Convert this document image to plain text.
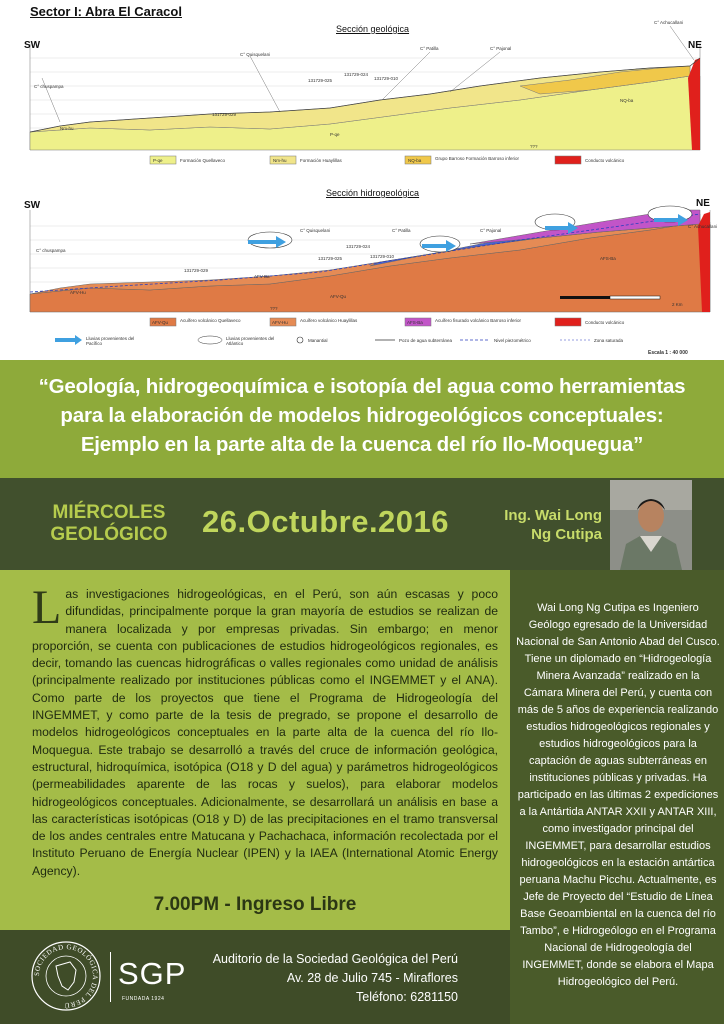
Sector I: Abra El Caracol
Sección geológica
SW	NE
C° chuspampa
C° Quisquelani
C° Patilla	C° Pajonal
C° Achucallani
131729-029
131729-025
131729-024
131729-010
Nm-hu
P-qe
NQ-ba
???
Formación Quellaveco	Formación Huaylillas	Grupo Barroso Formación Barroso inferior	Conducto volcánico
P-qe	Nm-hu	NQ-ba
Sección hidrogeológica
SW	NE
C° chuspampa
C° Quisquelani	C° Patilla	C° Pajonal
C° Achucallani
131729-029
131729-025
131729-024
131729-010
AFV-Hu
AFV-Qu
AFV-Ba
AFS-Ba
???
2 Km
Acuífero volcánico Quellaveco	Acuífero volcánico Huaylillas	Acuífero fisurado volcánico Barroso inferior	Conducto volcánico
AFV-Qu	AFV-Hu	AFS-Ba
Lluvias provenientes del Pacífico
Lluvias provenientes del Atlántico
Manantial	Pozo de agua subterránea	Nivel piezométrico	Zona saturada
Escala 1 : 40 000
“Geología, hidrogeoquímica e isotopía del agua como herramientas para la elaboración de modelos hidrogeológicos conceptuales: Ejemplo en la parte alta de la cuenca del río Ilo-Moquegua”
MIÉRCOLES
GEOLÓGICO	26.Octubre.2016	Ing. Wai Long
Ng Cutipa
Las investigaciones hidrogeológicas, en el Perú, son aún escasas y poco difundidas, principalmente porque la gran mayoría de estudios se realizan de manera localizada y por empresas privadas. Sin embargo; en menor proporción, se cuenta con publicaciones de estudios hidrogeológicos regionales, es decir, tomando las cuencas hidrográficas o valles regionales como unidad de análisis (principalmente realizado por instituciones públicas como el INGEMMET y el ANA). Como parte de los proyectos que tiene el Programa de Hidrogeología del INGEMMET, y como parte de la tesis de pregrado, se propone el desarrollo de modelos hidrogeológicos conceptuales en la parte alta de la cuenca del río Ilo-Moquegua. Este trabajo se desarrolló a través del cruce de información geológica, estructural, hidroquímica, isotópica (O18 y D del agua) y parámetros hidrogeológicos (permeabilidades aparente de las rocas y suelos), para elaborar modelos hidrogeológicos conceptuales. Adicionalmente, se desarrollará un análisis en base a las características isotópicas (O18 y D) de las precipitaciones en el tramo transversal de los andes centrales entre Matucana y Pachachaca, información recolectada por el Instituto Peruano de Energía Nuclear (IPEN) y la IAEA (International Atomic Energy Agency).
7.00PM - Ingreso Libre
SOCIEDAD GEOLÓGICA DEL PERÚ
SGP
FUNDADA 1924
Auditorio de la Sociedad Geológica del Perú
Av. 28 de Julio 745 - Miraflores
Teléfono: 6281150
Wai Long Ng Cutipa es Ingeniero Geólogo egresado de la Universidad Nacional de San Antonio Abad del Cusco. Tiene un diplomado en “Hidrogeología Minera Avanzada” realizado en la Cámara Minera del Perú, y cuenta con más de 5 años de experiencia realizando estudios hidrogeológicos regionales y estudios hidrogeológicos para la captación de aguas subterráneas en instituciones públicas y privadas. Ha participado en las últimas 2 expediciones a la Antártida ANTAR XXII y ANTAR XIII, como investigador principal del INGEMMET, para desarrollar estudios hidrogeológicos en la estación antártica peruana Machu Picchu. Actualmente, es Jefe de Proyecto del “Estudio de Línea Base Geoambiental en la cuenca del río Tambo”, e Hidrogeólogo en el Programa Nacional de Hidrogeología del INGEMMET, donde se elabora el Mapa Hidrogeológico del Perú.
